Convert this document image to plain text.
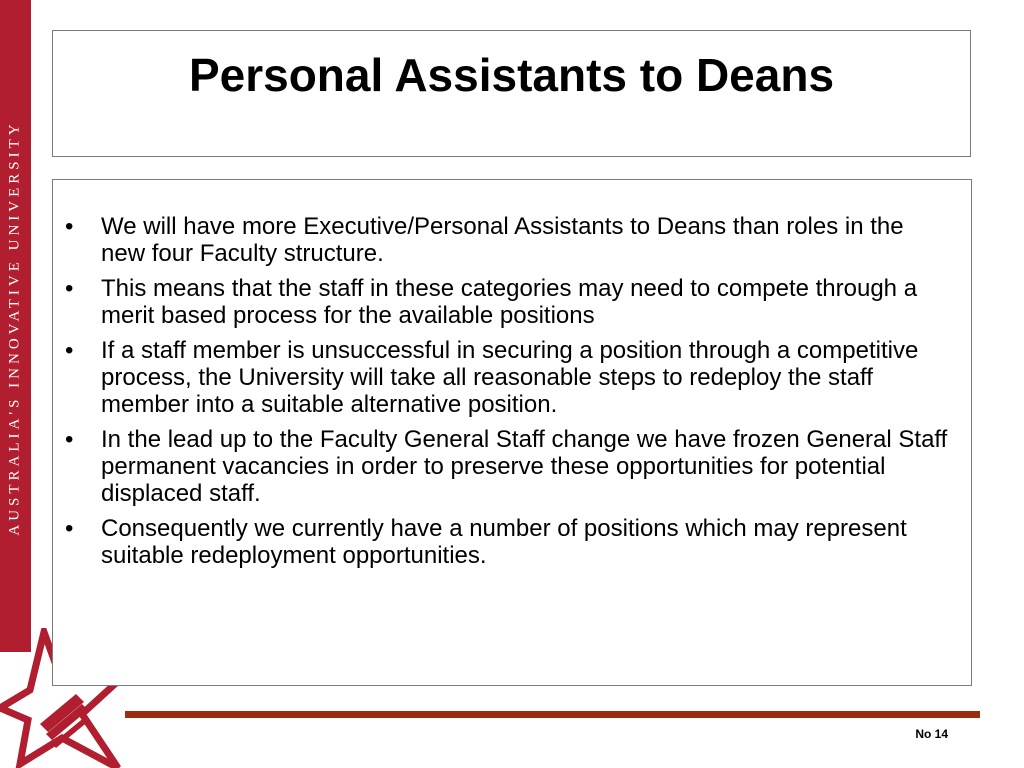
AUSTRALIA'S INNOVATIVE UNIVERSITY
Personal Assistants to Deans
• We will have more Executive/Personal Assistants to Deans than roles in the new four Faculty structure.
• This means that the staff in these categories may need to compete through a merit based process for the available positions
• If a staff member is unsuccessful in securing a position through a competitive process, the University will take all reasonable steps to redeploy the staff member into a suitable alternative position.
• In the lead up to the Faculty General Staff change we have frozen General Staff permanent vacancies in order to preserve these opportunities for potential displaced staff.
• Consequently we currently have a number of positions which may represent suitable redeployment opportunities.
No 14
